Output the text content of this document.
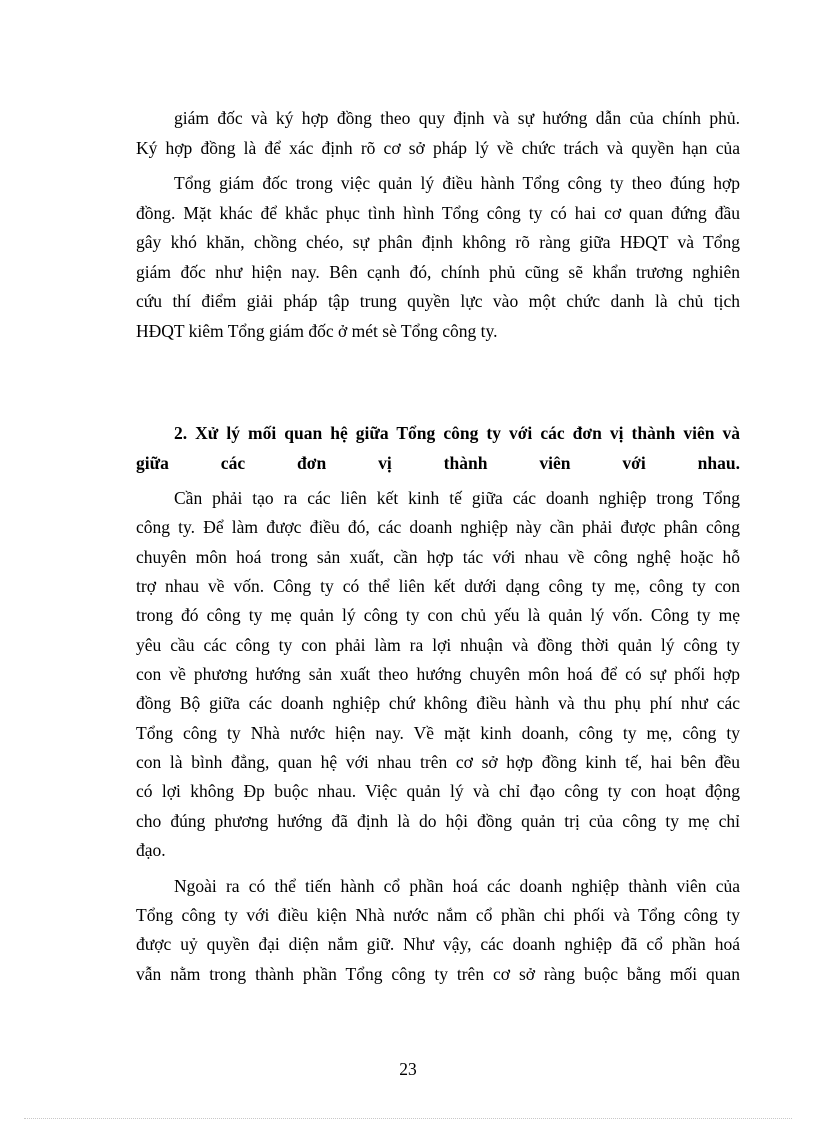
giám đốc và ký hợp đồng theo quy định và sự hướng dẫn của chính phủ.
Ký hợp đồng là để xác định rõ cơ sở pháp lý về chức trách và quyền hạn của
Tổng giám đốc trong việc quản lý điều hành Tổng công ty theo đúng hợp
đồng. Mặt khác để khắc phục tình hình Tổng công ty có hai cơ quan đứng đầu
gây khó khăn, chồng chéo, sự phân định không rõ ràng giữa HĐQT và Tổng
giám đốc như hiện nay. Bên cạnh đó, chính phủ cũng sẽ khẩn trương nghiên
cứu thí điểm giải pháp tập trung quyền lực vào một chức danh là chủ tịch
HĐQT kiêm Tổng giám đốc ở mét sè Tổng công ty.
2. Xử lý mối quan hệ giữa Tổng công ty với các đơn vị thành viên và
giữa các đơn vị thành viên với nhau.
Cần phải tạo ra các liên kết kinh tế giữa các doanh nghiệp trong Tổng
công ty. Để làm được điều đó, các doanh nghiệp này cần phải được phân công
chuyên môn hoá trong sản xuất, cần hợp tác với nhau về công nghệ hoặc hỗ
trợ nhau về vốn. Công ty có thể liên kết dưới dạng công ty mẹ, công ty con
trong đó công ty mẹ quản lý công ty con chủ yếu là quản lý vốn. Công ty mẹ
yêu cầu các công ty con phải làm ra lợi nhuận và đồng thời quản lý công ty
con về phương hướng sản xuất theo hướng chuyên môn hoá để có sự phối hợp
đồng Bộ giữa các doanh nghiệp chứ không điều hành và thu phụ phí như các
Tổng công ty Nhà nước hiện nay. Về mặt kinh doanh, công ty mẹ, công ty
con là bình đẳng, quan hệ với nhau trên cơ sở hợp đồng kinh tế, hai bên đều
có lợi không Ðp buộc nhau. Việc quản lý và chỉ đạo công ty con hoạt động
cho đúng phương hướng đã định là do hội đồng quản trị của công ty mẹ chỉ
đạo.
Ngoài ra có thể tiến hành cổ phần hoá các doanh nghiệp thành viên của
Tổng công ty với điều kiện Nhà nước nắm cổ phần chi phối và Tổng công ty
được uỷ quyền đại diện nắm giữ. Như vậy, các doanh nghiệp đã cổ phần hoá
vẫn nằm trong thành phần Tổng công ty trên cơ sở ràng buộc bằng mối quan
23
